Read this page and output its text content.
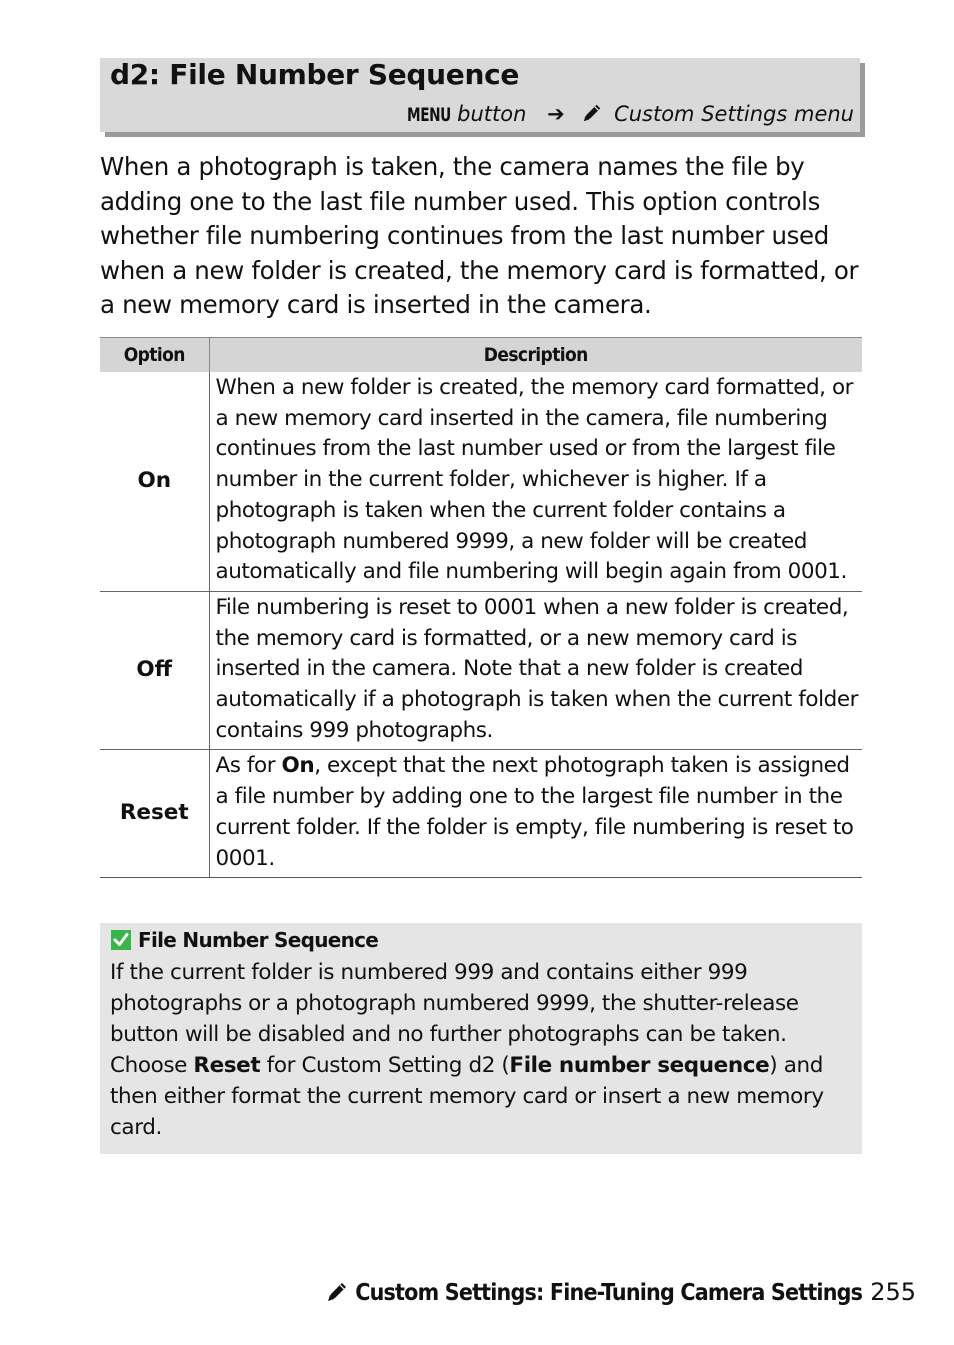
d2: File Number Sequence
MENU button ➔ Custom Settings menu
When a photograph is taken, the camera names the file by adding one to the last file number used. This option controls whether file numbering continues from the last number used when a new folder is created, the memory card is formatted, or a new memory card is inserted in the camera.
Option	Description
On	When a new folder is created, the memory card formatted, or a new memory card inserted in the camera, file numbering continues from the last number used or from the largest file number in the current folder, whichever is higher. If a photograph is taken when the current folder contains a photograph numbered 9999, a new folder will be created automatically and file numbering will begin again from 0001.
Off	File numbering is reset to 0001 when a new folder is created, the memory card is formatted, or a new memory card is inserted in the camera. Note that a new folder is created automatically if a photograph is taken when the current folder contains 999 photographs.
Reset	As for On, except that the next photograph taken is assigned a file number by adding one to the largest file number in the current folder. If the folder is empty, file numbering is reset to 0001.
File Number Sequence
If the current folder is numbered 999 and contains either 999 photographs or a photograph numbered 9999, the shutter-release button will be disabled and no further photographs can be taken. Choose Reset for Custom Setting d2 (File number sequence) and then either format the current memory card or insert a new memory card.
Custom Settings: Fine-Tuning Camera Settings 255
